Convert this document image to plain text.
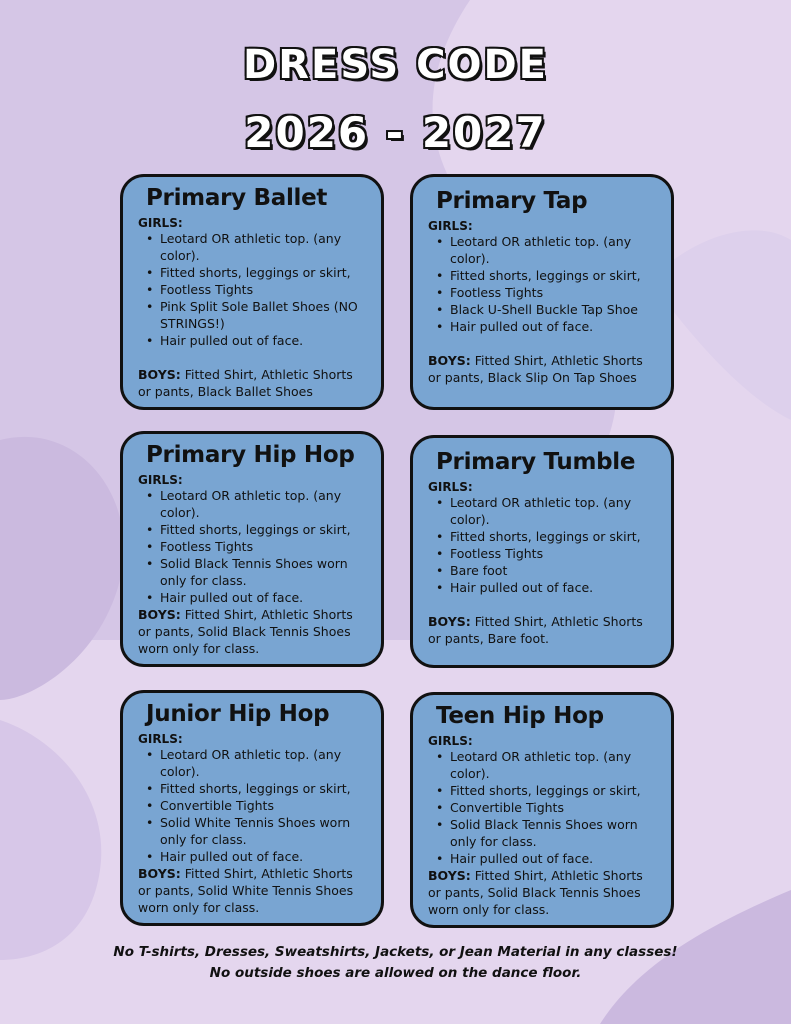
DRESS CODE
2026 - 2027
Primary Ballet
GIRLS:
• Leotard OR athletic top. (any color).
• Fitted shorts, leggings or skirt,
• Footless Tights
• Pink Split Sole Ballet Shoes (NO STRINGS!)
• Hair pulled out of face.
BOYS: Fitted Shirt, Athletic Shorts or pants, Black Ballet Shoes
Primary Tap
GIRLS:
• Leotard OR athletic top. (any color).
• Fitted shorts, leggings or skirt,
• Footless Tights
• Black U-Shell Buckle Tap Shoe
• Hair pulled out of face.
BOYS: Fitted Shirt, Athletic Shorts or pants, Black Slip On Tap Shoes
Primary Hip Hop
GIRLS:
• Leotard OR athletic top. (any color).
• Fitted shorts, leggings or skirt,
• Footless Tights
• Solid Black Tennis Shoes worn only for class.
• Hair pulled out of face.
BOYS: Fitted Shirt, Athletic Shorts or pants, Solid Black Tennis Shoes worn only for class.
Primary Tumble
GIRLS:
• Leotard OR athletic top. (any color).
• Fitted shorts, leggings or skirt,
• Footless Tights
• Bare foot
• Hair pulled out of face.
BOYS: Fitted Shirt, Athletic Shorts or pants, Bare foot.
Junior Hip Hop
GIRLS:
• Leotard OR athletic top. (any color).
• Fitted shorts, leggings or skirt,
• Convertible Tights
• Solid White Tennis Shoes worn only for class.
• Hair pulled out of face.
BOYS: Fitted Shirt, Athletic Shorts or pants, Solid White Tennis Shoes worn only for class.
Teen Hip Hop
GIRLS:
• Leotard OR athletic top. (any color).
• Fitted shorts, leggings or skirt,
• Convertible Tights
• Solid Black Tennis Shoes worn only for class.
• Hair pulled out of face.
BOYS: Fitted Shirt, Athletic Shorts or pants, Solid Black Tennis Shoes worn only for class.
No T-shirts, Dresses, Sweatshirts, Jackets, or Jean Material in any classes!
No outside shoes are allowed on the dance floor.
